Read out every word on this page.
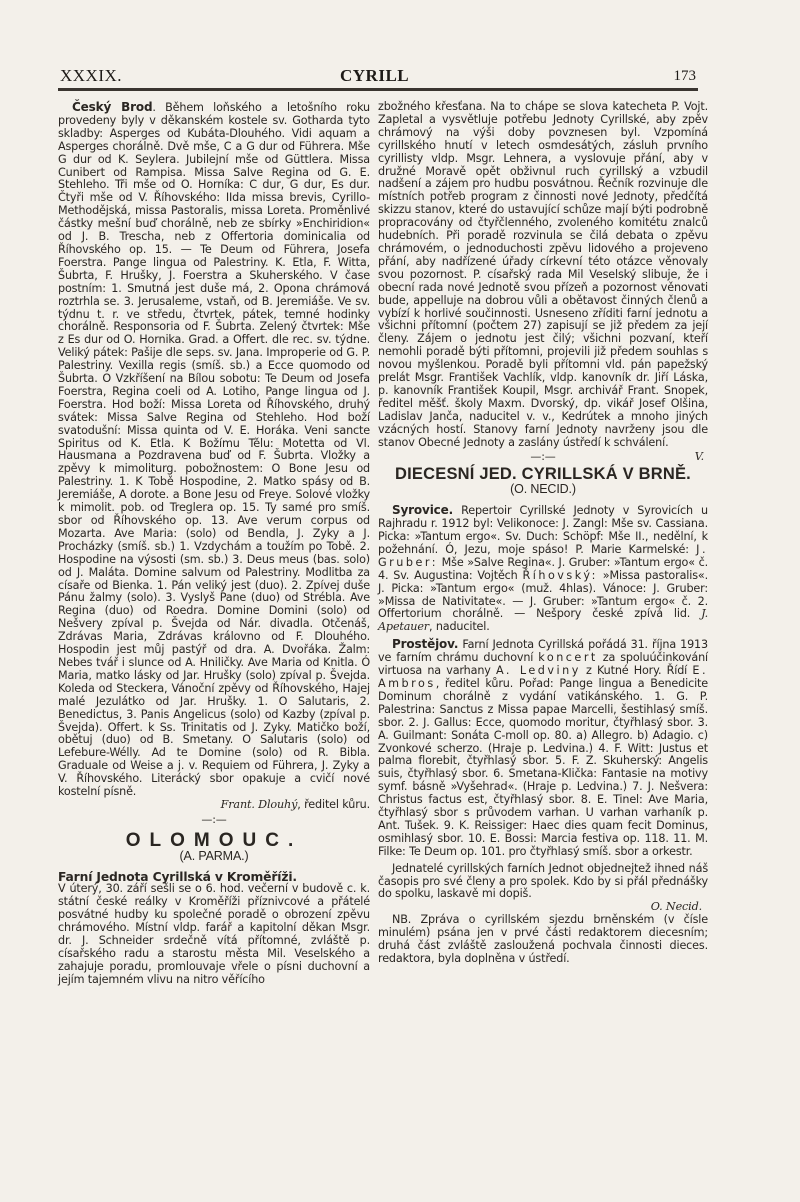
XXXIX.	CYRILL	173

Český Brod. Během loňského a letošního roku provedeny byly v děkanském kostele sv. Gotharda tyto skladby: Asperges od Kubáta-Dlouhého. Vidi aquam a Asperges chorálně. Dvě mše, C a G dur od Führera. Mše G dur od K. Seylera. Jubilejní mše od Güttlera. Missa Cunibert od Rampisa. Missa Salve Regina od G. E. Stehleho. Tři mše od O. Horníka: C dur, G dur, Es dur. Čtyři mše od V. Říhovského: IIda missa brevis, Cyrillo-Methodějská, missa Pastoralis, missa Loreta. Proměnlivé částky mešní buď chorálně, neb ze sbírky »Enchiridion« od J. B. Trescha, neb z Offertoria dominicalia od Říhovského op. 15. — Te Deum od Führera, Josefa Foerstra. Pange lingua od Palestriny. K. Etla, F. Witta, Šubrta, F. Hrušky, J. Foerstra a Skuherského. V čase postním: 1. Smutná jest duše má, 2. Opona chrámová roztrhla se. 3. Jerusaleme, vstaň, od B. Jeremiáše. Ve sv. týdnu t. r. ve středu, čtvrtek, pátek, temné hodinky chorálně. Responsoria od F. Šubrta. Zelený čtvrtek: Mše z Es dur od O. Hornika. Grad. a Offert. dle rec. sv. týdne. Veliký pátek: Pašije dle seps. sv. Jana. Improperie od G. P. Palestriny. Vexilla regis (smíš. sb.) a Ecce quomodo od Šubrta. O Vzkříšení na Bílou sobotu: Te Deum od Josefa Foerstra, Regina coeli od A. Lotiho, Pange lingua od J. Foerstra. Hod boží: Missa Loreta od Říhovského, druhý svátek: Missa Salve Regina od Stehleho. Hod boží svatodušní: Missa quinta od V. E. Horáka. Veni sancte Spiritus od K. Etla. K Božímu Tělu: Motetta od Vl. Hausmana a Pozdravena buď od F. Šubrta. Vložky a zpěvy k mimoliturg. pobožnostem: O Bone Jesu od Palestriny. 1. K Tobě Hospodine, 2. Matko spásy od B. Jeremiáše, A dorote. a Bone Jesu od Freye. Solové vložky k mimolit. pob. od Treglera op. 15. Ty samé pro smíš. sbor od Říhovského op. 13. Ave verum corpus od Mozarta. Ave Maria: (solo) od Bendla, J. Zyky a J. Procházky (smíš. sb.) 1. Vzdychám a toužím po Tobě. 2. Hospodine na výsosti (sm. sb.) 3. Deus meus (bas. solo) od J. Maláta. Domine salvum od Palestriny. Modlitba za císaře od Bienka. 1. Pán veliký jest (duo). 2. Zpívej duše Pánu žalmy (solo). 3. Vyslyš Pane (duo) od Strébla. Ave Regina (duo) od Roedra. Domine Domini (solo) od Nešvery zpíval p. Švejda od Nár. divadla. Otčenáš, Zdrávas Maria, Zdrávas královno od F. Dlouhého. Hospodin jest můj pastýř od dra. A. Dvořáka. Žalm: Nebes tvář i slunce od A. Hniličky. Ave Maria od Knitla. Ó Maria, matko lásky od Jar. Hrušky (solo) zpíval p. Švejda. Koleda od Steckera, Vánoční zpěvy od Říhovského, Hajej malé Jezulátko od Jar. Hrušky. 1. O Salutaris, 2. Benedictus, 3. Panis Angelicus (solo) od Kazby (zpíval p. Švejda). Offert. k Ss. Trinitatis od J. Zyky. Matičko boží, obětuj (duo) od B. Smetany. O Salutaris (solo) od Lefebure-Wélly. Ad te Domine (solo) od R. Bibla. Graduale od Weise a j. v. Requiem od Führera, J. Zyky a V. Říhovského. Literácký sbor opakuje a cvičí nové kostelní písně.

Frant. Dlouhý, ředitel kůru.

—:—
OLOMOUC.
(A. PARMA.)

Farní Jednota Cyrillská v Kroměříži.

V úterý, 30. září sešli se o 6. hod. večerní v budově c. k. státní české reálky v Kroměříži příznivcové a přátelé posvátné hudby ku společné poradě o obrození zpěvu chrámového. Místní vldp. farář a kapitolní děkan Msgr. dr. J. Schneider srdečně vítá přítomné, zvláště p. císařského radu a starostu města Mil. Veselského a zahajuje poradu, promlouvaje vřele o písni duchovní a jejím tajemném vlivu na nitro věřícího

zbožného křesťana. Na to chápe se slova katecheta P. Vojt. Zapletal a vysvětluje potřebu Jednoty Cyrillské, aby zpěv chrámový na výši doby povznesen byl. Vzpomíná cyrillského hnutí v letech osmdesátých, zásluh prvního cyrillisty vldp. Msgr. Lehnera, a vyslovuje přání, aby v družné Moravě opět obživnul ruch cyrillský a vzbudil nadšení a zájem pro hudbu posvátnou. Řečník rozvinuje dle místních potřeb program z činnosti nové Jednoty, předčítá skizzu stanov, které do ustavující schůze mají býti podrobně propracovány od čtyřčlenného, zvoleného komitétu znalců hudebních. Při poradě rozvinula se čilá debata o zpěvu chrámovém, o jednoduchosti zpěvu lidového a projeveno přání, aby nadřízené úřady církevní této otázce věnovaly svou pozornost. P. císařský rada Mil Veselský slibuje, že i obecní rada nové Jednotě svou přízeň a pozornost věnovati bude, appelluje na dobrou vůli a obětavost činných členů a vybízí k horlivé součinnosti. Usneseno zříditi farní jednotu a všichni přítomní (počtem 27) zapisují se již předem za její členy. Zájem o jednotu jest čilý; všichni pozvaní, kteří nemohli poradě býti přítomni, projevili již předem souhlas s novou myšlenkou. Poradě byli přítomni vld. pán papežský prelát Msgr. František Vachlík, vldp. kanovník dr. Jiří Láska, p. kanovník František Koupil, Msgr. archivář Frant. Snopek, ředitel měšť. školy Maxm. Dvorský, dp. vikář Josef Olšina, Ladislav Janča, naducitel v. v., Kedrútek a mnoho jiných vzácných hostí. Stanovy farní Jednoty navrženy jsou dle stanov Obecné Jednoty a zaslány ústředí k schválení.

—:—	V.
DIECESNÍ JED. CYRILLSKÁ V BRNĚ.
(O. NECID.)

Syrovice. Repertoir Cyrillské Jednoty v Syrovicích u Rajhradu r. 1912 byl: Velikonoce: J. Zangl: Mše sv. Cassiana. Picka: »Tantum ergo«. Sv. Duch: Schöpf: Mše II., nedělní, k požehnání. Ó, Jezu, moje spáso! P. Marie Karmelské: J. Gruber: Mše »Salve Regina«. J. Gruber: »Tantum ergo« č. 4. Sv. Augustina: Vojtěch Říhovský: »Missa pastoralis«. J. Picka: »Tantum ergo« (muž. 4hlas). Vánoce: J. Gruber: »Missa de Nativitate«. — J. Gruber: »Tantum ergo« č. 2. Offertorium chorálně. — Nešpory české zpívá lid. J. Apetauer, naducitel.

Prostějov. Farní Jednota Cyrillská pořádá 31. října 1913 ve farním chrámu duchovní koncert za spoluúčinkování virtuosa na varhany A. Ledviny z Kutné Hory. Řídí E. Ambros, ředitel kůru. Pořad: Pange lingua a Benedicite Dominum chorálně z vydání vatikánského. 1. G. P. Palestrina: Sanctus z Missa papae Marcelli, šestihlasý smíš. sbor. 2. J. Gallus: Ecce, quomodo moritur, čtyřhlasý sbor. 3. A. Guilmant: Sonáta C-moll op. 80. a) Allegro. b) Adagio. c) Zvonkové scherzo. (Hraje p. Ledvina.) 4. F. Witt: Justus et palma florebit, čtyřhlasý sbor. 5. F. Z. Skuherský: Angelis suis, čtyřhlasý sbor. 6. Smetana-Klička: Fantasie na motivy symf. básně »Vyšehrad«. (Hraje p. Ledvina.) 7. J. Nešvera: Christus factus est, čtyřhlasý sbor. 8. E. Tinel: Ave Maria, čtyřhlasý sbor s průvodem varhan. U varhan varhaník p. Ant. Tušek. 9. K. Reissiger: Haec dies quam fecit Dominus, osmihlasý sbor. 10. E. Bossi: Marcia festiva op. 118. 11. M. Filke: Te Deum op. 101. pro čtyřhlasý smíš. sbor a orkestr.

Jednatelé cyrillských farních Jednot objednejtež ihned náš časopis pro své členy a pro spolek. Kdo by si přál přednášky do spolku, laskavě mi dopiš.

O. Necid.

NB. Zpráva o cyrillském sjezdu brněnském (v čísle minulém) psána jen v prvé části redaktorem diecesním; druhá část zvláště zasloužená pochvala činnosti dieces. redaktora, byla doplněna v ústředí.
